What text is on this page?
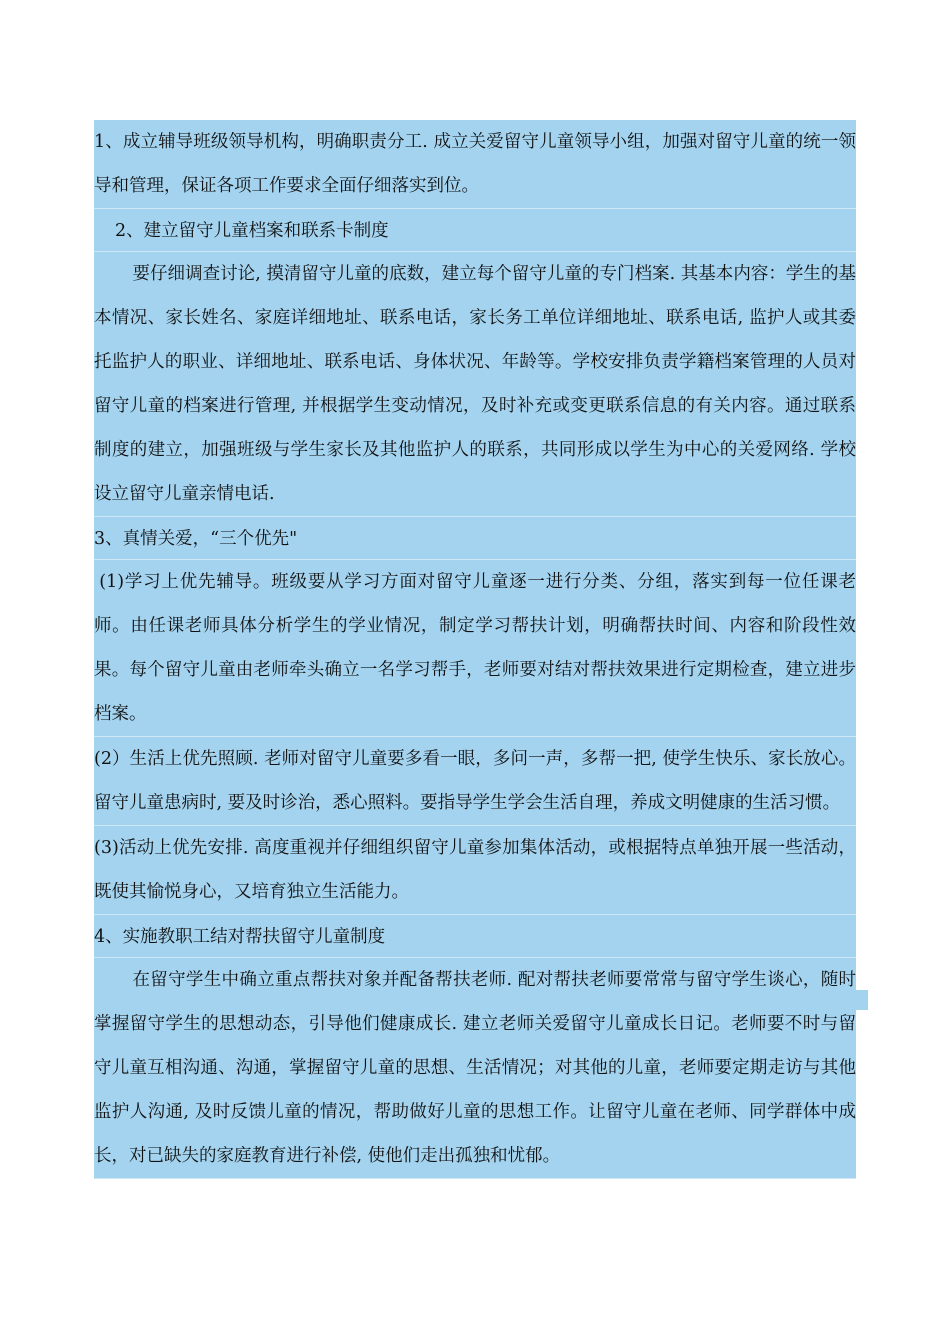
1、成立辅导班级领导机构，明确职责分工. 成立关爱留守儿童领导小组，加强对留守儿童的统一领导和管理，保证各项工作要求全面仔细落实到位。

2、建立留守儿童档案和联系卡制度

要仔细调查讨论, 摸清留守儿童的底数，建立每个留守儿童的专门档案. 其基本内容：学生的基本情况、家长姓名、家庭详细地址、联系电话，家长务工单位详细地址、联系电话, 监护人或其委托监护人的职业、详细地址、联系电话、身体状况、年龄等。学校安排负责学籍档案管理的人员对留守儿童的档案进行管理, 并根据学生变动情况，及时补充或变更联系信息的有关内容。通过联系制度的建立，加强班级与学生家长及其他监护人的联系，共同形成以学生为中心的关爱网络. 学校设立留守儿童亲情电话.

3、真情关爱，“三个优先"

(1)学习上优先辅导。班级要从学习方面对留守儿童逐一进行分类、分组，落实到每一位任课老师。由任课老师具体分析学生的学业情况，制定学习帮扶计划，明确帮扶时间、内容和阶段性效果。每个留守儿童由老师牵头确立一名学习帮手，老师要对结对帮扶效果进行定期检查，建立进步档案。

(2）生活上优先照顾. 老师对留守儿童要多看一眼，多问一声，多帮一把, 使学生快乐、家长放心。留守儿童患病时, 要及时诊治，悉心照料。要指导学生学会生活自理，养成文明健康的生活习惯。

(3)活动上优先安排. 高度重视并仔细组织留守儿童参加集体活动，或根据特点单独开展一些活动，既使其愉悦身心，又培育独立生活能力。

4、实施教职工结对帮扶留守儿童制度

在留守学生中确立重点帮扶对象并配备帮扶老师. 配对帮扶老师要常常与留守学生谈心，随时掌握留守学生的思想动态，引导他们健康成长. 建立老师关爱留守儿童成长日记。老师要不时与留守儿童互相沟通、沟通，掌握留守儿童的思想、生活情况；对其他的儿童，老师要定期走访与其他监护人沟通, 及时反馈儿童的情况，帮助做好儿童的思想工作。让留守儿童在老师、同学群体中成长，对已缺失的家庭教育进行补偿, 使他们走出孤独和忧郁。
